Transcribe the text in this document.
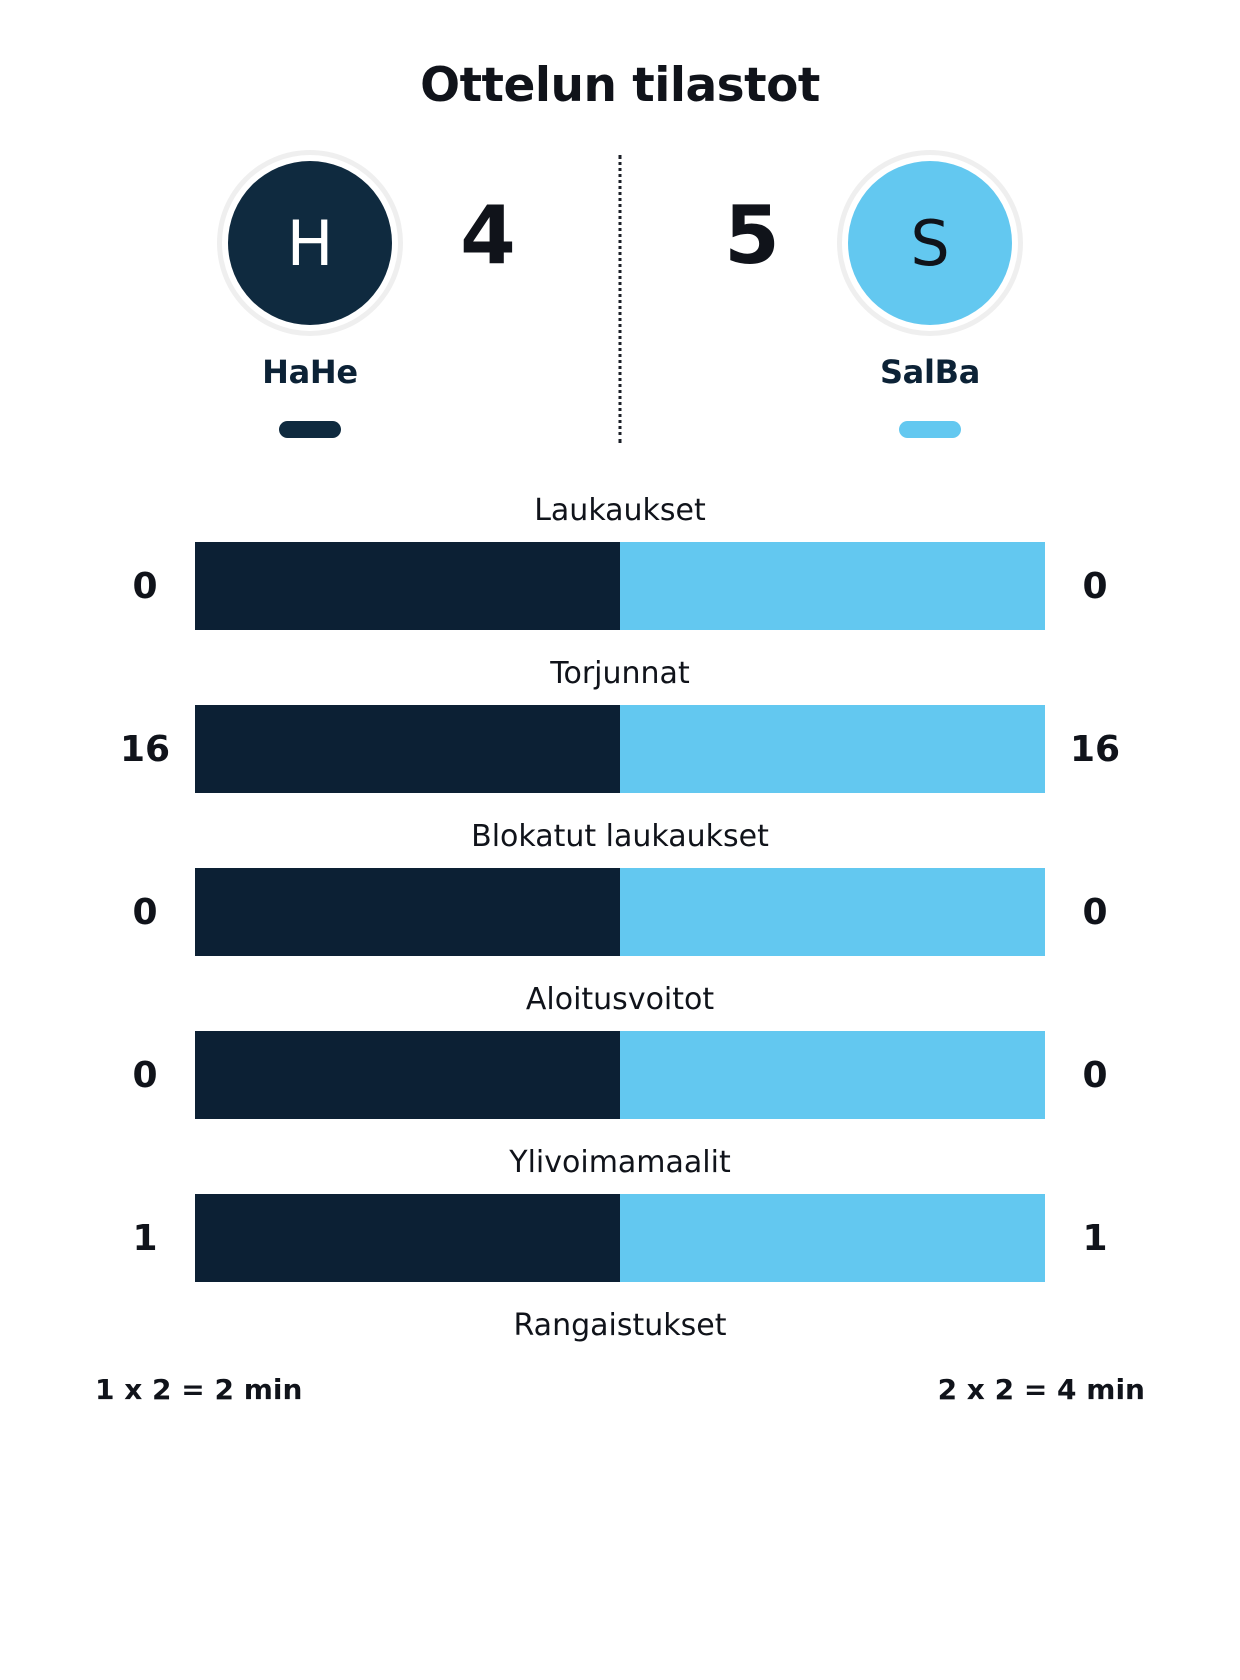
Ottelun tilastot
H
HaHe
4	5	S
SalBa
Laukaukset
0	0
Torjunnat
16	16
Blokatut laukaukset
0	0
Aloitusvoitot
0	0
Ylivoimamaalit
1	1
Rangaistukset
1 x 2 = 2 min	2 x 2 = 4 min
